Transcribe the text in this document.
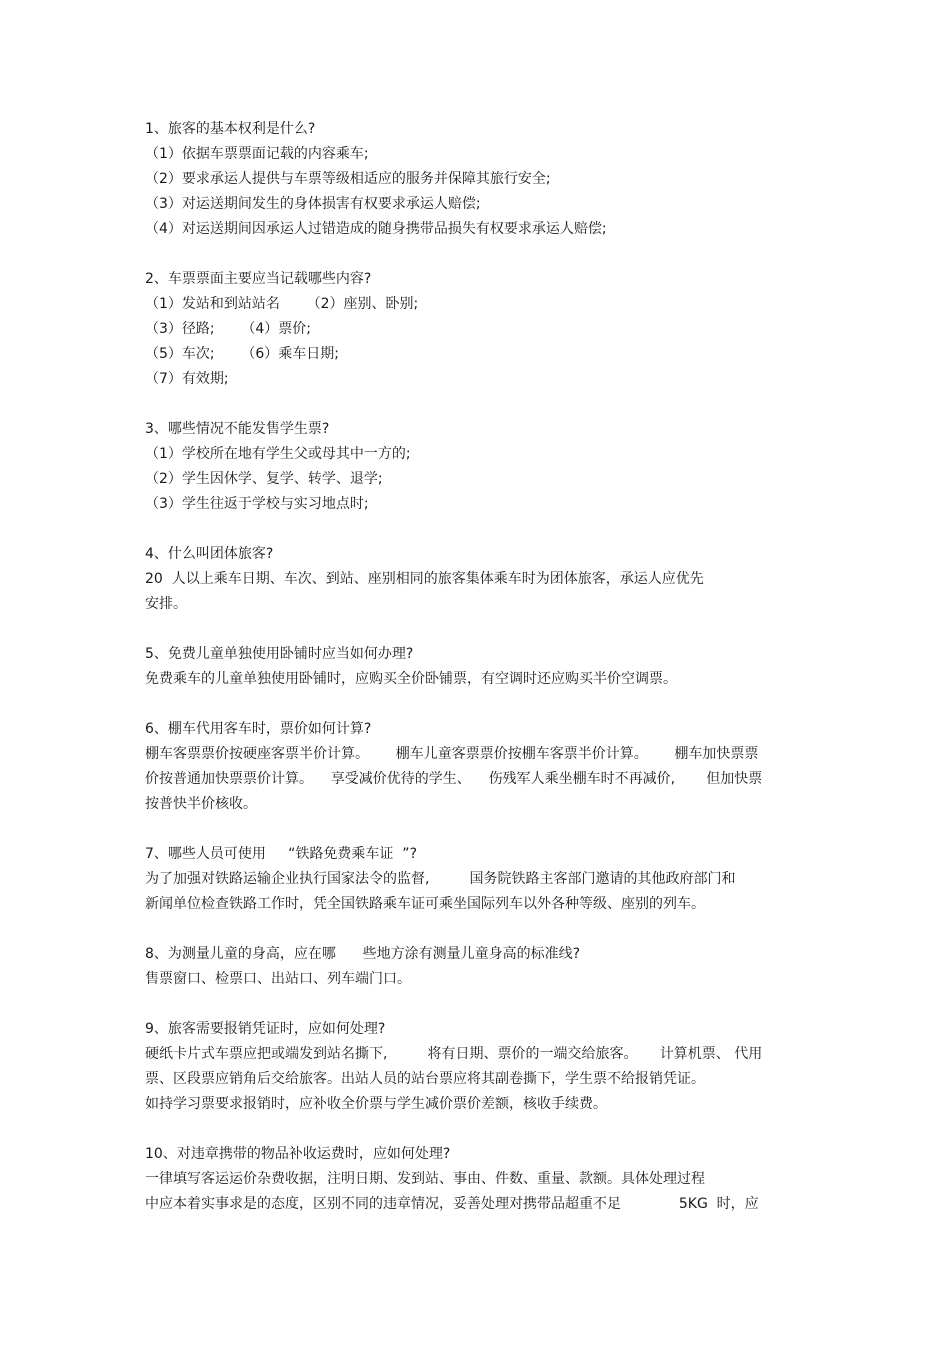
1、旅客的基本权利是什么?
（1）依据车票票面记载的内容乘车;
（2）要求承运人提供与车票等级相适应的服务并保障其旅行安全;
（3）对运送期间发生的身体损害有权要求承运人赔偿;
（4）对运送期间因承运人过错造成的随身携带品损失有权要求承运人赔偿;
2、车票票面主要应当记载哪些内容?
（1）发站和到站站名      （2）座别、卧别;
（3）径路;      （4）票价;
（5）车次;      （6）乘车日期;
（7）有效期;
3、哪些情况不能发售学生票?
（1）学校所在地有学生父或母其中一方的;
（2）学生因休学、复学、转学、退学;
（3）学生往返于学校与实习地点时;
4、什么叫团体旅客?
20  人以上乘车日期、车次、到站、座别相同的旅客集体乘车时为团体旅客，承运人应优先
安排。
5、免费儿童单独使用卧铺时应当如何办理?
免费乘车的儿童单独使用卧铺时，应购买全价卧铺票，有空调时还应购买半价空调票。
6、棚车代用客车时，票价如何计算?
棚车客票票价按硬座客票半价计算。      棚车儿童客票票价按棚车客票半价计算。      棚车加快票票
价按普通加快票票价计算。    享受减价优待的学生、    伤残军人乘坐棚车时不再减价,       但加快票
按普快半价核收。
7、哪些人员可使用     “铁路免费乘车证  ”?
为了加强对铁路运输企业执行国家法令的监督,         国务院铁路主客部门邀请的其他政府部门和
新闻单位检查铁路工作时，凭全国铁路乘车证可乘坐国际列车以外各种等级、座别的列车。
8、为测量儿童的身高，应在哪      些地方涂有测量儿童身高的标准线?
售票窗口、检票口、出站口、列车端门口。
9、旅客需要报销凭证时，应如何处理?
硬纸卡片式车票应把或端发到站名撕下,         将有日期、票价的一端交给旅客。     计算机票、 代用
票、区段票应销角后交给旅客。出站人员的站台票应将其副卷撕下，学生票不给报销凭证。
如持学习票要求报销时，应补收全价票与学生减价票价差额，核收手续费。
10、对违章携带的物品补收运费时，应如何处理?
一律填写客运运价杂费收据，注明日期、发到站、事由、件数、重量、款额。具体处理过程
中应本着实事求是的态度，区别不同的违章情况，妥善处理对携带品超重不足             5KG  时，应
